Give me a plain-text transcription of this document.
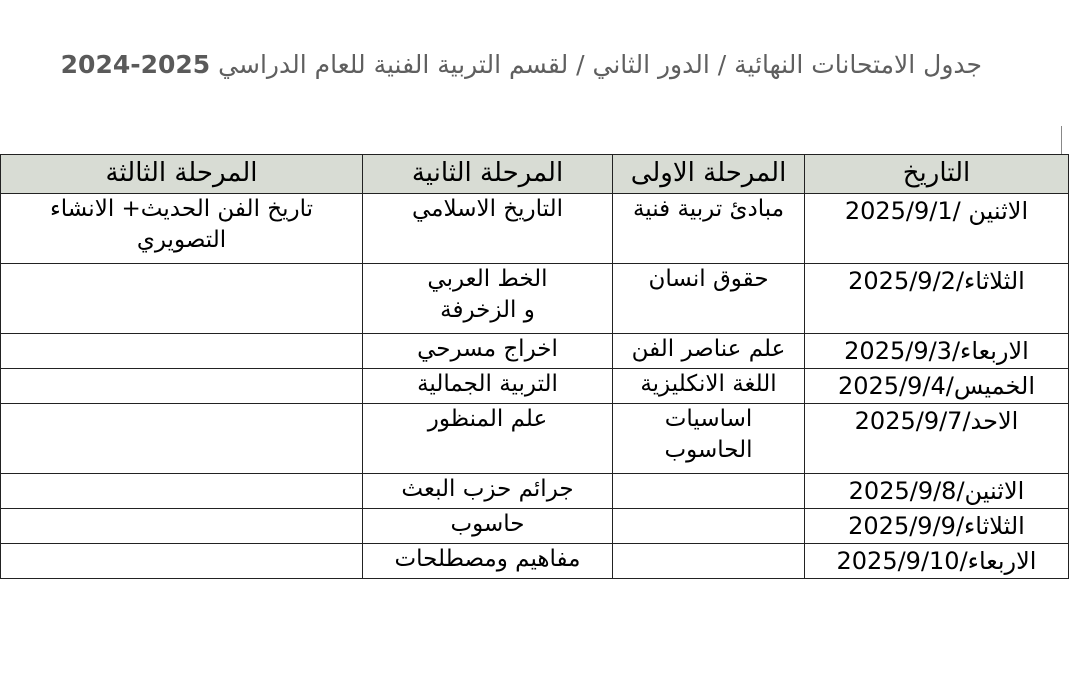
جدول الامتحانات النهائية / الدور الثاني / لقسم التربية الفنية للعام الدراسي 2024-2025
التاريخ	المرحلة الاولى	المرحلة الثانية	المرحلة الثالثة
الاثنين /2025/9/1	مبادئ تربية فنية	التاريخ الاسلامي	تاريخ الفن الحديث+ الانشاء التصويري
الثلاثاء/2025/9/2	حقوق انسان	الخط العربي و الزخرفة	
الاربعاء/2025/9/3	علم عناصر الفن	اخراج مسرحي	
الخميس/2025/9/4	اللغة الانكليزية	التربية الجمالية	
الاحد/2025/9/7	اساسيات الحاسوب	علم المنظور	
الاثنين/2025/9/8		جرائم حزب البعث	
الثلاثاء/2025/9/9		حاسوب	
الاربعاء/2025/9/10		مفاهيم ومصطلحات	
